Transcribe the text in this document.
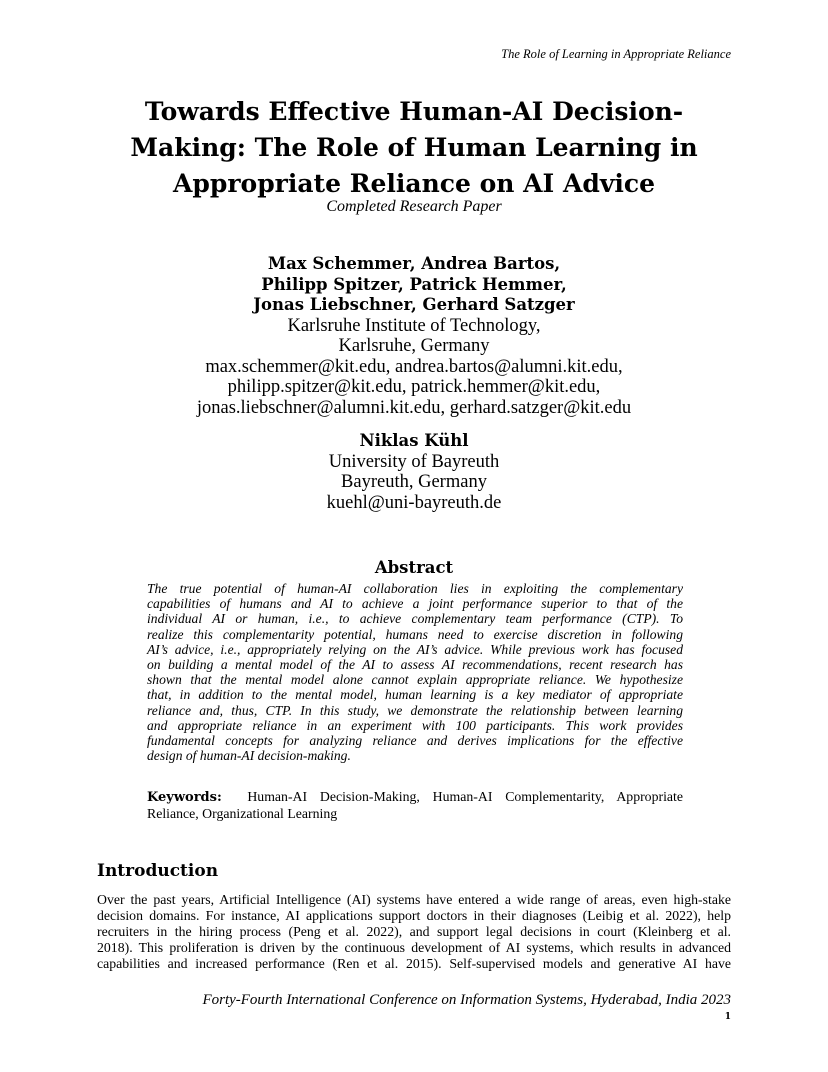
The Role of Learning in Appropriate Reliance
Towards Effective Human-AI Decision-
Making: The Role of Human Learning in
Appropriate Reliance on AI Advice
Completed Research Paper
Max Schemmer, Andrea Bartos,
Philipp Spitzer, Patrick Hemmer,
Jonas Liebschner, Gerhard Satzger
Karlsruhe Institute of Technology,
Karlsruhe, Germany
max.schemmer@kit.edu, andrea.bartos@alumni.kit.edu,
philipp.spitzer@kit.edu, patrick.hemmer@kit.edu,
jonas.liebschner@alumni.kit.edu, gerhard.satzger@kit.edu
Niklas Kühl
University of Bayreuth
Bayreuth, Germany
kuehl@uni-bayreuth.de
Abstract
The true potential of human-AI collaboration lies in exploiting the complementary
capabilities of humans and AI to achieve a joint performance superior to that of the
individual AI or human, i.e., to achieve complementary team performance (CTP). To
realize this complementarity potential, humans need to exercise discretion in following
AI’s advice, i.e., appropriately relying on the AI’s advice. While previous work has focused
on building a mental model of the AI to assess AI recommendations, recent research has
shown that the mental model alone cannot explain appropriate reliance. We hypothesize
that, in addition to the mental model, human learning is a key mediator of appropriate
reliance and, thus, CTP. In this study, we demonstrate the relationship between learning
and appropriate reliance in an experiment with 100 participants. This work provides
fundamental concepts for analyzing reliance and derives implications for the effective
design of human-AI decision-making.
Keywords: Human-AI Decision-Making, Human-AI Complementarity, Appropriate
Reliance, Organizational Learning
Introduction
Over the past years, Artificial Intelligence (AI) systems have entered a wide range of areas, even high-stake
decision domains. For instance, AI applications support doctors in their diagnoses (Leibig et al. 2022), help
recruiters in the hiring process (Peng et al. 2022), and support legal decisions in court (Kleinberg et al.
2018). This proliferation is driven by the continuous development of AI systems, which results in advanced
capabilities and increased performance (Ren et al. 2015). Self-supervised models and generative AI have
Forty-Fourth International Conference on Information Systems, Hyderabad, India 2023
1
